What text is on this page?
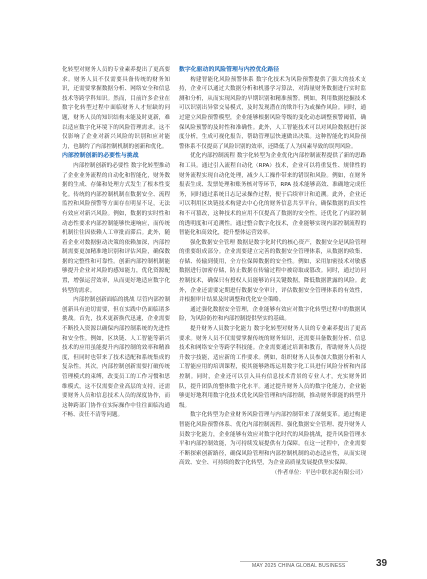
化转型对财务人员的专业素养提出了更高要求。财务人员不仅需要具备传统的财务知识，还需要掌握数据分析、网络安全和信息技术等跨学科知识。然而，目前许多企业在数字化转型过程中面临财务人才短缺的问题，财务人员的知识结构未能及时更新，难以适应数字化环境下的风险管理需求。这不仅影响了企业对新兴风险的识别和应对能力，也制约了内部控制机制的创新和优化。

内部控制创新的必要性与挑战

内部控制创新的必要性 数字化转型推动了企业业务流程的自动化和智能化，财务数据的生成、存储和处理方式发生了根本性变化。传统的内部控制机制在数据安全、流程监控和风险预警等方面存在明显不足，无法有效应对新兴风险。例如，数据的实时性和动态性要求内部控制能够快速响应，而传统机制往往因依赖人工审批而滞后。此外，随着企业对数据驱动决策的依赖加深，内部控制需要更加精准地识别和评估风险，确保数据的完整性和可靠性。创新内部控制机制能够提升企业对风险的感知能力，优化资源配置，增强运营效率，从而更好地适应数字化转型的需求。

内部控制创新面临的挑战 尽管内部控制创新具有迫切需要，但在实践中仍面临诸多挑战。首先，技术更新换代迅速，企业需要不断投入资源以确保内部控制系统的先进性和安全性。例如，区块链、人工智能等新兴技术的应用虽能提升内部控制的效率和精准度，但同时也带来了技术适配和系统集成的复杂性。其次，内部控制创新需要打破传统管理模式的束缚，改变员工的工作习惯和思维模式，这不仅需要企业高层的支持，还需要财务人员和信息技术人员的深度协作，而这种跨部门协作在实际操作中往往面临沟通不畅、责任不清等问题。

数字化驱动的风险管理与内控优化路径

构建智能化风险预警体系 数字化技术为风险预警提供了强大的技术支持，企业可以通过大数据分析和机器学习算法，对海量财务数据进行实时监测和分析，从而实现风险的早期识别和精准预警。例如，利用数据挖掘技术可以识别出异常交易模式，及时发现潜在的欺诈行为或操作风险。同时，通过建立风险预警模型，企业能够根据风险等级的变化动态调整预警阈值，确保风险预警的及时性和准确性。此外，人工智能技术可以对风险数据进行深度分析，生成可视化报告，帮助管理层快速做出决策。这种智能化的风险预警体系不仅提高了风险识别的效率，还降低了人为因素导致的误判风险。

优化内部控制流程 数字化转型为企业优化内部控制流程提供了新的思路和工具。通过引入流程自动化（RPA）技术，企业可以将重复性、规律性的财务流程实现自动化处理，减少人工操作带来的错误和风险。例如，在财务报表生成、发票处理和账务核对等环节，RPA 技术能够高效、准确地完成任务，同时通过系统日志记录操作过程，便于后续审计和追溯。此外，企业还可以利用区块链技术构建去中心化的财务信息共享平台，确保数据的真实性和不可篡改，这种技术的应用不仅提高了数据的安全性，还优化了内部控制的透明度和可追溯性。通过整合数字化技术，企业能够实现内部控制流程的智能化和高效化，提升整体运营效率。

强化数据安全管理 数据是数字化时代的核心资产，数据安全是风险管理的重要组成部分。企业需要建立完善的数据安全管理体系，从数据的收集、存储、传输到使用，全方位保障数据的安全性。例如，采用加密技术对敏感数据进行加密存储，防止数据在传输过程中被窃取或篡改。同时，通过访问控制技术，确保只有授权人员能够访问关键数据，降低数据泄露的风险。此外，企业还需要定期进行数据安全审计，评估数据安全管理体系的有效性，并根据审计结果及时调整和优化安全策略。

通过强化数据安全管理，企业能够有效应对数字化转型过程中的数据风险，为风险防控和内部控制提供坚实的基础。

提升财务人员数字化能力 数字化转型对财务人员的专业素养提出了更高要求。财务人员不仅需要掌握传统的财务知识，还需要具备数据分析、信息技术和网络安全等跨学科技能。企业需要通过培训和教育，帮助财务人员提升数字技能，适应新的工作要求。例如，组织财务人员参加大数据分析和人工智能应用的培训课程，使其能够熟练运用数字化工具进行风险分析和内部控制。同时，企业还可以引入具有信息技术背景的专业人才，充实财务团队，提升团队的整体数字化水平。通过提升财务人员的数字化能力，企业能够更好地利用数字化技术优化风险管理和内部控制，推动财务职能的转型升级。

数字化转型为企业财务风险管理与内部控制带来了深刻变革。通过构建智能化风险预警体系、优化内部控制流程、强化数据安全管理、提升财务人员数字化能力，企业能够有效应对数字化时代的风险挑战，提升风险管理水平和内部控制效能，为可持续发展提供有力保障。在这一过程中，企业需要不断探索创新路径，确保风险管理和内部控制机制的动态适应性，从而实现高效、安全、可持续的数字化转型，为企业高质量发展提供坚实保障。

（作者单位：平邑中联水泥有限公司）

MAY 2025 CHINA GLOBAL BUSINESS	39
